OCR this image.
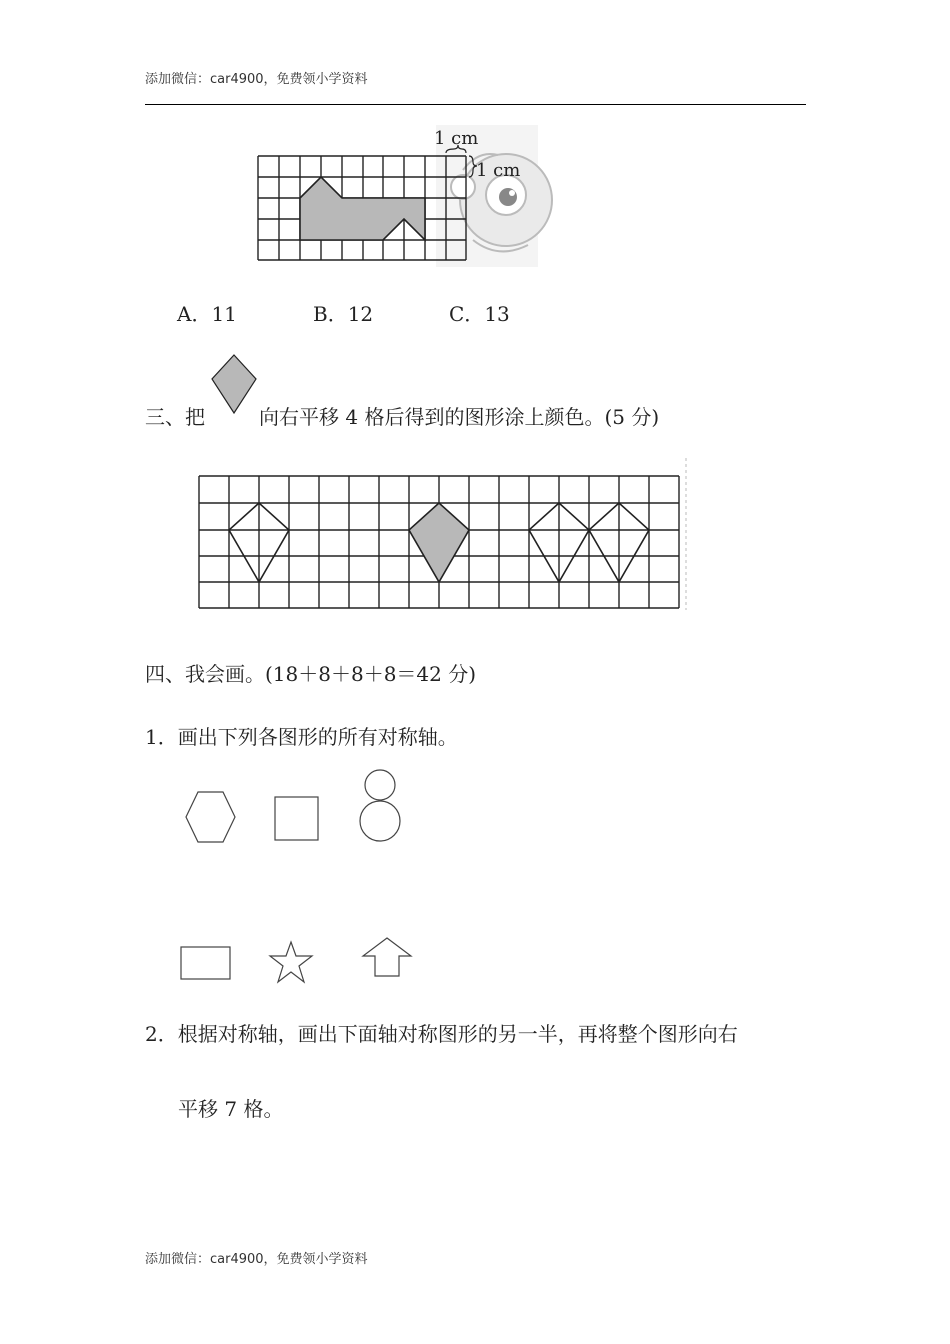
添加微信：car4900，免费领小学资料
1 cm
1 cm
A．11	B．12	C．13
三、把	向右平移 4 格后得到的图形涂上颜色。(5 分)
四、我会画。(18＋8＋8＋8＝42 分)
1．画出下列各图形的所有对称轴。
2．根据对称轴，画出下面轴对称图形的另一半，再将整个图形向右
平移 7 格。
添加微信：car4900，免费领小学资料
